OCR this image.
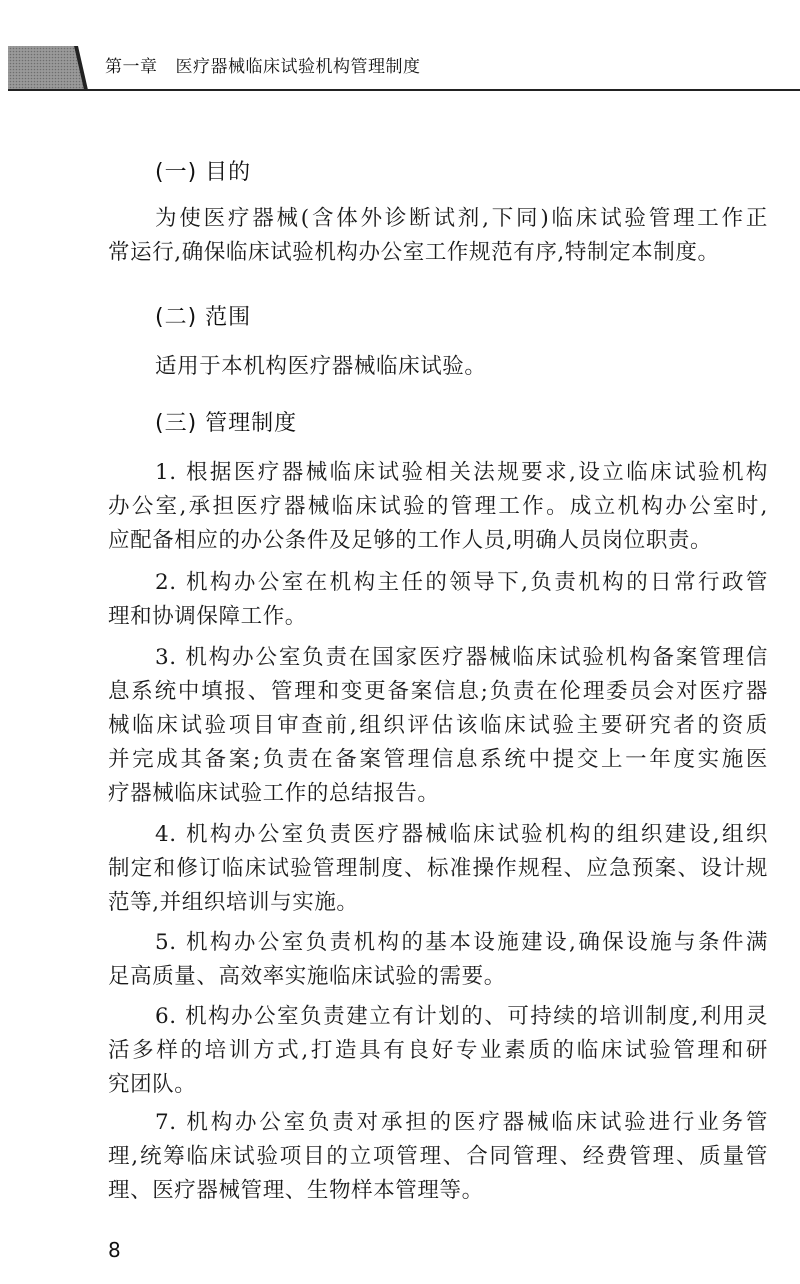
第一章 医疗器械临床试验机构管理制度
(一) 目的

为使医疗器械(含体外诊断试剂,下同)临床试验管理工作正
常运行,确保临床试验机构办公室工作规范有序,特制定本制度。

(二) 范围

适用于本机构医疗器械临床试验。

(三) 管理制度

1. 根据医疗器械临床试验相关法规要求,设立临床试验机构
办公室,承担医疗器械临床试验的管理工作。成立机构办公室时,
应配备相应的办公条件及足够的工作人员,明确人员岗位职责。

2. 机构办公室在机构主任的领导下,负责机构的日常行政管
理和协调保障工作。

3. 机构办公室负责在国家医疗器械临床试验机构备案管理信
息系统中填报、管理和变更备案信息;负责在伦理委员会对医疗器
械临床试验项目审查前,组织评估该临床试验主要研究者的资质
并完成其备案;负责在备案管理信息系统中提交上一年度实施医
疗器械临床试验工作的总结报告。

4. 机构办公室负责医疗器械临床试验机构的组织建设,组织
制定和修订临床试验管理制度、标准操作规程、应急预案、设计规
范等,并组织培训与实施。

5. 机构办公室负责机构的基本设施建设,确保设施与条件满
足高质量、高效率实施临床试验的需要。

6. 机构办公室负责建立有计划的、可持续的培训制度,利用灵
活多样的培训方式,打造具有良好专业素质的临床试验管理和研
究团队。

7. 机构办公室负责对承担的医疗器械临床试验进行业务管
理,统筹临床试验项目的立项管理、合同管理、经费管理、质量管
理、医疗器械管理、生物样本管理等。

8
